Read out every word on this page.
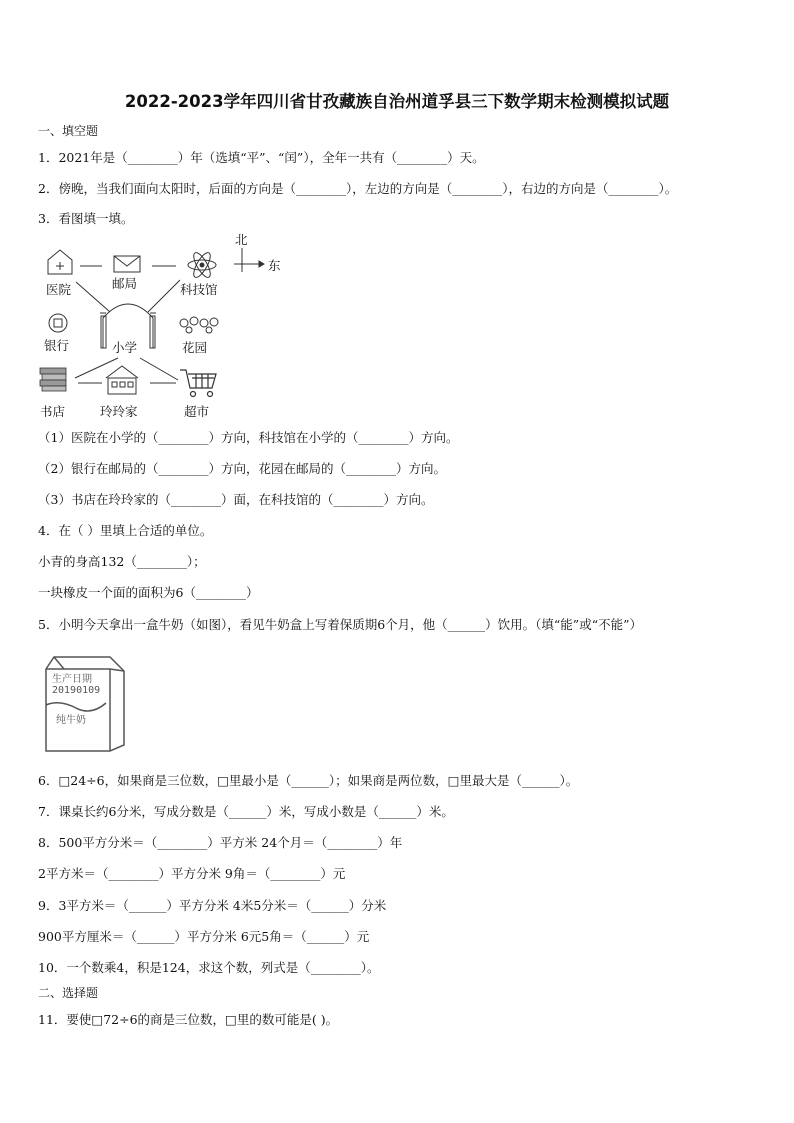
2022-2023学年四川省甘孜藏族自治州道孚县三下数学期末检测模拟试题
一、填空题
1．2021年是（________）年（选填“平”、“闰”），全年一共有（________）天。
2．傍晚，当我们面向太阳时，后面的方向是（________），左边的方向是（________），右边的方向是（________）。
3．看图填一填。
医院	邮局	科技馆
银行	小学	花园
书店	玲玲家	超市
北
东
（1）医院在小学的（________）方向，科技馆在小学的（________）方向。
（2）银行在邮局的（________）方向，花园在邮局的（________）方向。
（3）书店在玲玲家的（________）面，在科技馆的（________）方向。
4．在（ ）里填上合适的单位。
小青的身高132（________）；
一块橡皮一个面的面积为6（________）
5．小明今天拿出一盒牛奶（如图），看见牛奶盒上写着保质期6个月，他（______）饮用。（填“能”或“不能”）
生产日期
20190109
纯牛奶
6．□24÷6，如果商是三位数，□里最小是（______）；如果商是两位数，□里最大是（______）。
7．课桌长约6分米，写成分数是（______）米，写成小数是（______）米。
8．500平方分米＝（________）平方米 24个月＝（________）年
2平方米＝（________）平方分米 9角＝（________）元
9．3平方米＝（______）平方分米 4米5分米＝（______）分米
900平方厘米＝（______）平方分米 6元5角＝（______）元
10．一个数乘4，积是124，求这个数，列式是（________）。
二、选择题
11．要使□72÷6的商是三位数，□里的数可能是( )。
